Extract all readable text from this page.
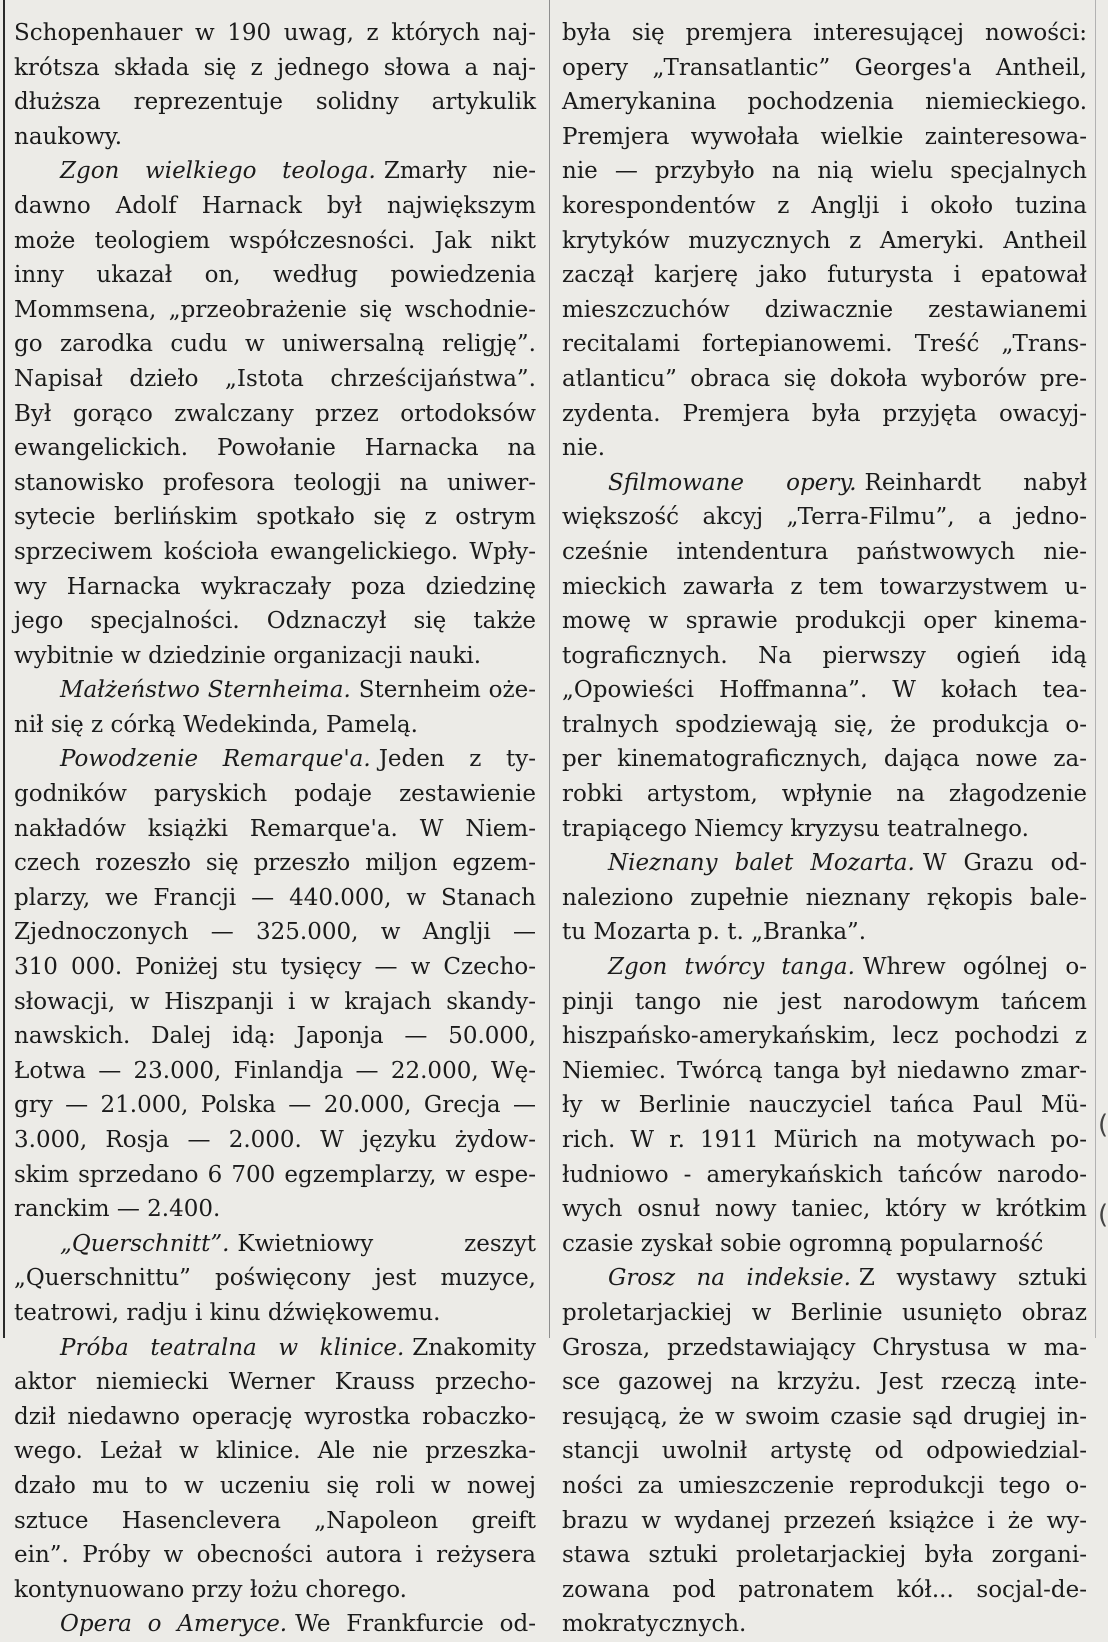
Schopenhauer w 190 uwag, z których naj-
krótsza składa się z jednego słowa a naj-
dłuższa reprezentuje solidny artykulik
naukowy.
Zgon wielkiego teologa. Zmarły nie-
dawno Adolf Harnack był największym
może teologiem współczesności. Jak nikt
inny ukazał on, według powiedzenia
Mommsena, „przeobrażenie się wschodnie-
go zarodka cudu w uniwersalną religję”.
Napisał dzieło „Istota chrześcijaństwa”.
Był gorąco zwalczany przez ortodoksów
ewangelickich. Powołanie Harnacka na
stanowisko profesora teologji na uniwer-
sytecie berlińskim spotkało się z ostrym
sprzeciwem kościoła ewangelickiego. Wpły-
wy Harnacka wykraczały poza dziedzinę
jego specjalności. Odznaczył się także
wybitnie w dziedzinie organizacji nauki.
Małżeństwo Sternheima. Sternheim oże-
nił się z córką Wedekinda, Pamelą.
Powodzenie Remarque'a. Jeden z ty-
godników paryskich podaje zestawienie
nakładów książki Remarque'a. W Niem-
czech rozeszło się przeszło miljon egzem-
plarzy, we Francji — 440.000, w Stanach
Zjednoczonych — 325.000, w Anglji —
310 000. Poniżej stu tysięcy — w Czecho-
słowacji, w Hiszpanji i w krajach skandy-
nawskich. Dalej idą: Japonja — 50.000,
Łotwa — 23.000, Finlandja — 22.000, Wę-
gry — 21.000, Polska — 20.000, Grecja —
3.000, Rosja — 2.000. W języku żydow-
skim sprzedano 6 700 egzemplarzy, w espe-
ranckim — 2.400.
„Querschnitt”. Kwietniowy zeszyt
„Querschnittu” poświęcony jest muzyce,
teatrowi, radju i kinu dźwiękowemu.
Próba teatralna w klinice. Znakomity
aktor niemiecki Werner Krauss przecho-
dził niedawno operację wyrostka robaczko-
wego. Leżał w klinice. Ale nie przeszka-
dzało mu to w uczeniu się roli w nowej
sztuce Hasenclevera „Napoleon greift
ein”. Próby w obecności autora i reżysera
kontynuowano przy łożu chorego.
Opera o Ameryce. We Frankfurcie od-
była się premjera interesującej nowości:
opery „Transatlantic” Georges'a Antheil,
Amerykanina pochodzenia niemieckiego.
Premjera wywołała wielkie zainteresowa-
nie — przybyło na nią wielu specjalnych
korespondentów z Anglji i około tuzina
krytyków muzycznych z Ameryki. Antheil
zaczął karjerę jako futurysta i epatował
mieszczuchów dziwacznie zestawianemi
recitalami fortepianowemi. Treść „Trans-
atlanticu” obraca się dokoła wyborów pre-
zydenta. Premjera była przyjęta owacyj-
nie.
Sfilmowane opery. Reinhardt nabył
większość akcyj „Terra-Filmu”, a jedno-
cześnie intendentura państwowych nie-
mieckich zawarła z tem towarzystwem u-
mowę w sprawie produkcji oper kinema-
tograficznych. Na pierwszy ogień idą
„Opowieści Hoffmanna”. W kołach tea-
tralnych spodziewają się, że produkcja o-
per kinematograficznych, dająca nowe za-
robki artystom, wpłynie na złagodzenie
trapiącego Niemcy kryzysu teatralnego.
Nieznany balet Mozarta. W Grazu od-
naleziono zupełnie nieznany rękopis bale-
tu Mozarta p. t. „Branka”.
Zgon twórcy tanga. Whrew ogólnej o-
pinji tango nie jest narodowym tańcem
hiszpańsko-amerykańskim, lecz pochodzi z
Niemiec. Twórcą tanga był niedawno zmar-
ły w Berlinie nauczyciel tańca Paul Mü-
rich. W r. 1911 Mürich na motywach po-
łudniowo - amerykańskich tańców narodo-
wych osnuł nowy taniec, który w krótkim
czasie zyskał sobie ogromną popularność
Grosz na indeksie. Z wystawy sztuki
proletarjackiej w Berlinie usunięto obraz
Grosza, przedstawiający Chrystusa w ma-
sce gazowej na krzyżu. Jest rzeczą inte-
resującą, że w swoim czasie sąd drugiej in-
stancji uwolnił artystę od odpowiedzial-
ności za umieszczenie reprodukcji tego o-
brazu w wydanej przezeń książce i że wy-
stawa sztuki proletarjackiej była zorgani-
zowana pod patronatem kół... socjal-de-
mokratycznych.
(
(
